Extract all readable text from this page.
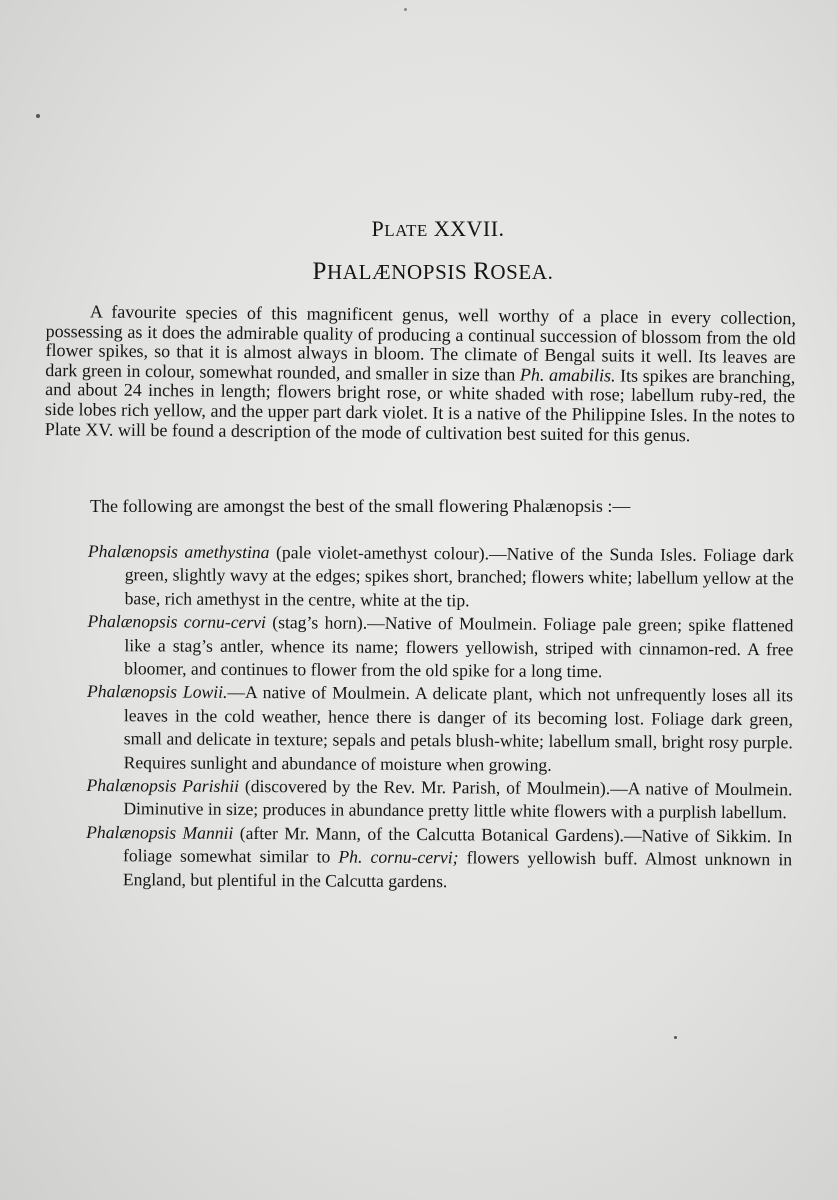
PLATE XXVII.
PHALÆNOPSIS ROSEA.

A favourite species of this magnificent genus, well worthy of a place in every collection, possessing as it does the admirable quality of producing a continual succession of blossom from the old flower spikes, so that it is almost always in bloom. The climate of Bengal suits it well. Its leaves are dark green in colour, somewhat rounded, and smaller in size than Ph. amabilis. Its spikes are branching, and about 24 inches in length; flowers bright rose, or white shaded with rose; labellum ruby-red, the side lobes rich yellow, and the upper part dark violet. It is a native of the Philippine Isles. In the notes to Plate XV. will be found a description of the mode of cultivation best suited for this genus.

The following are amongst the best of the small flowering Phalænopsis :—

Phalænopsis amethystina (pale violet-amethyst colour).—Native of the Sunda Isles. Foliage dark green, slightly wavy at the edges; spikes short, branched; flowers white; labellum yellow at the base, rich amethyst in the centre, white at the tip.

Phalænopsis cornu-cervi (stag’s horn).—Native of Moulmein. Foliage pale green; spike flattened like a stag’s antler, whence its name; flowers yellowish, striped with cinnamon-red. A free bloomer, and continues to flower from the old spike for a long time.

Phalænopsis Lowii.—A native of Moulmein. A delicate plant, which not unfrequently loses all its leaves in the cold weather, hence there is danger of its becoming lost. Foliage dark green, small and delicate in texture; sepals and petals blush-white; labellum small, bright rosy purple. Requires sunlight and abundance of moisture when growing.

Phalænopsis Parishii (discovered by the Rev. Mr. Parish, of Moulmein).—A native of Moulmein. Diminutive in size; produces in abundance pretty little white flowers with a purplish labellum.

Phalænopsis Mannii (after Mr. Mann, of the Calcutta Botanical Gardens).—Native of Sikkim. In foliage somewhat similar to Ph. cornu-cervi; flowers yellowish buff. Almost unknown in England, but plentiful in the Calcutta gardens.
